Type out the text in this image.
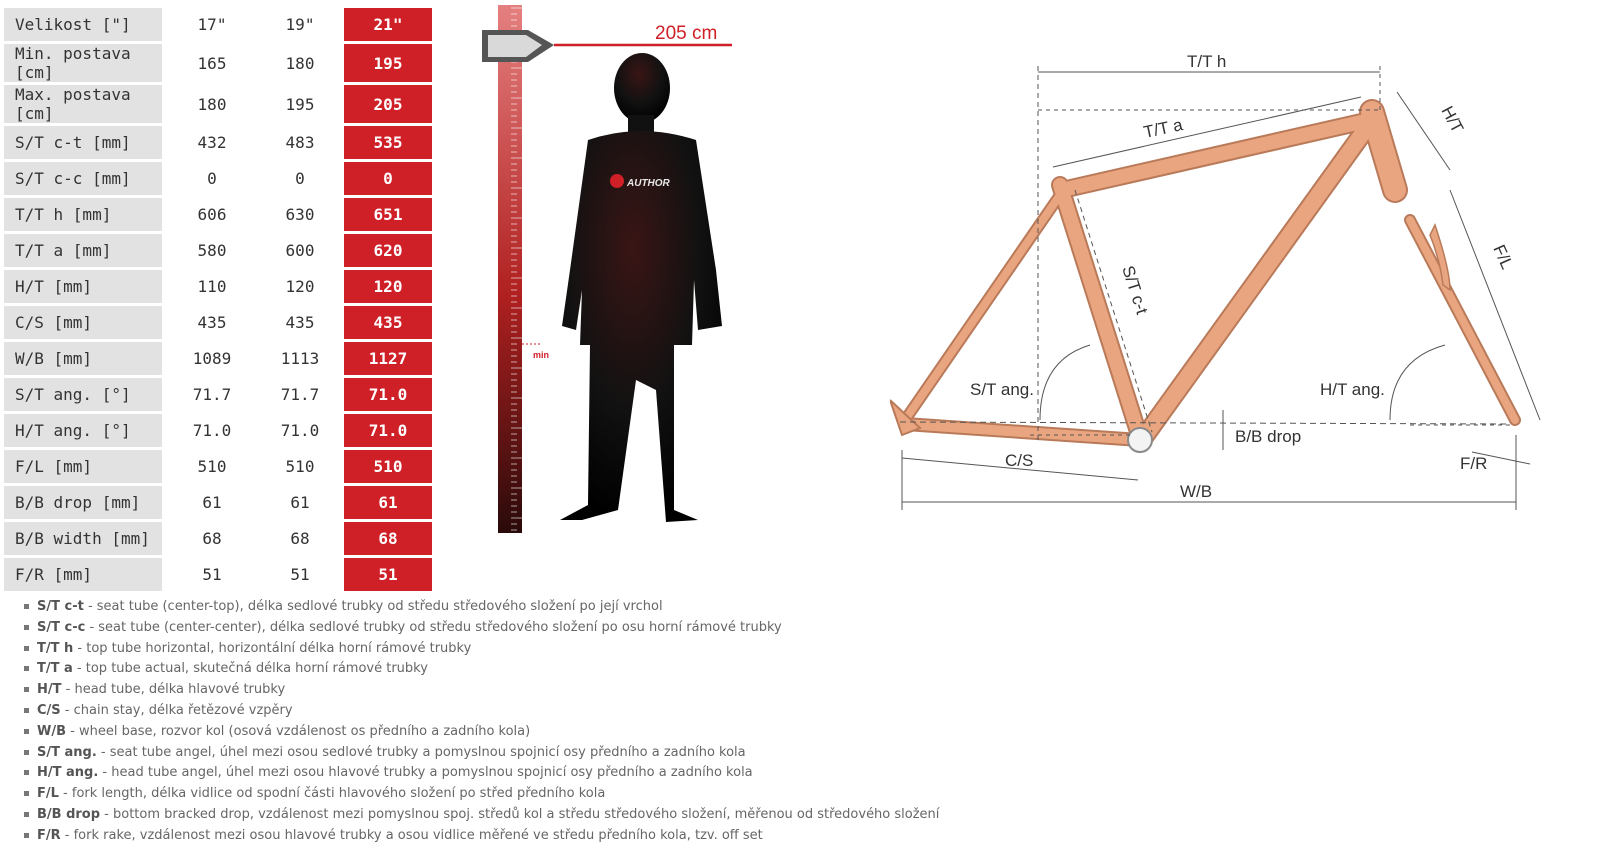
Velikost ["]		17"	19"	21"
Min. postava [cm]		165	180	195
Max. postava [cm]		180	195	205
S/T c-t [mm]		432	483	535
S/T c-c [mm]		0	0	0
T/T h [mm]		606	630	651
T/T a [mm]		580	600	620
H/T [mm]		110	120	120
C/S [mm]		435	435	435
W/B [mm]		1089	1113	1127
S/T ang. [°]		71.7	71.7	71.0
H/T ang. [°]		71.0	71.0	71.0
F/L [mm]		510	510	510
B/B drop [mm]		61	61	61
B/B width [mm]		68	68	68
F/R [mm]		51	51	51
205 cm
min
AUTHOR
T/T h
T/T a	H/T
S/T c-t
F/L
S/T ang.	H/T ang.
B/B drop
C/S
W/B
F/R
S/T c-t - seat tube (center-top), délka sedlové trubky od středu středového složení po její vrchol
S/T c-c - seat tube (center-center), délka sedlové trubky od středu středového složení po osu horní rámové trubky
T/T h - top tube horizontal, horizontální délka horní rámové trubky
T/T a - top tube actual, skutečná délka horní rámové trubky
H/T - head tube, délka hlavové trubky
C/S - chain stay, délka řetězové vzpěry
W/B - wheel base, rozvor kol (osová vzdálenost os předního a zadního kola)
S/T ang. - seat tube angel, úhel mezi osou sedlové trubky a pomyslnou spojnicí osy předního a zadního kola
H/T ang. - head tube angel, úhel mezi osou hlavové trubky a pomyslnou spojnicí osy předního a zadního kola
F/L - fork length, délka vidlice od spodní části hlavového složení po střed předního kola
B/B drop - bottom bracked drop, vzdálenost mezi pomyslnou spoj. středů kol a středu středového složení, měřenou od středového složení
F/R - fork rake, vzdálenost mezi osou hlavové trubky a osou vidlice měřené ve středu předního kola, tzv. off set
